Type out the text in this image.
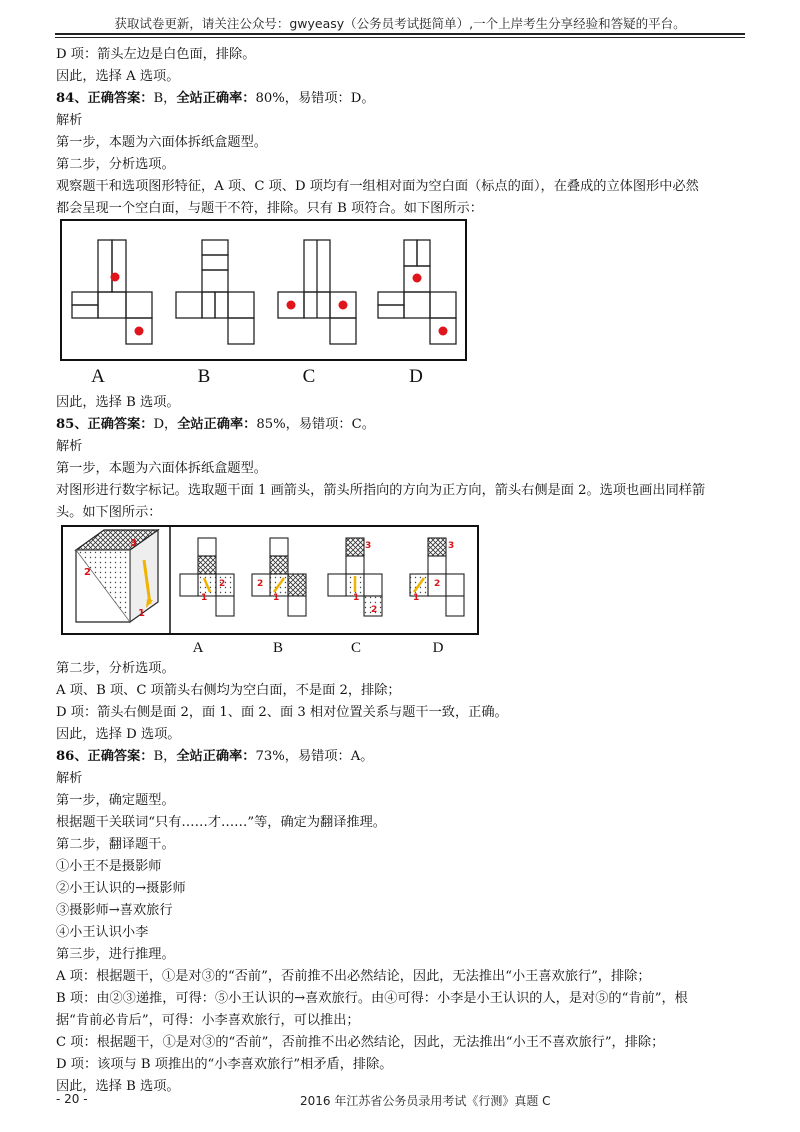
获取试卷更新，请关注公众号：gwyeasy（公务员考试挺简单）,一个上岸考生分享经验和答疑的平台。
D 项：箭头左边是白色面，排除。
因此，选择 A 选项。
84、正确答案：B，全站正确率：80%，易错项：D。
解析
第一步，本题为六面体拆纸盒题型。
第二步，分析选项。
观察题干和选项图形特征，A 项、C 项、D 项均有一组相对面为空白面（标点的面），在叠成的立体图形中必然
都会呈现一个空白面，与题干不符，排除。只有 B 项符合。如下图所示：
A	B	C	D
因此，选择 B 选项。
85、正确答案：D，全站正确率：85%，易错项：C。
解析
第一步，本题为六面体拆纸盒题型。
对图形进行数字标记。选取题干面 1 画箭头，箭头所指向的方向为正方向，箭头右侧是面 2。选项也画出同样箭
头。如下图所示：
2
3
1
1
2
1
2
1
3
2
1
3
2
A	B	C	D
第二步，分析选项。
A 项、B 项、C 项箭头右侧均为空白面，不是面 2，排除；
D 项：箭头右侧是面 2，面 1、面 2、面 3 相对位置关系与题干一致，正确。
因此，选择 D 选项。
86、正确答案：B，全站正确率：73%，易错项：A。
解析
第一步，确定题型。
根据题干关联词“只有……才……”等，确定为翻译推理。
第二步，翻译题干。
①小王不是摄影师
②小王认识的→摄影师
③摄影师→喜欢旅行
④小王认识小李
第三步，进行推理。
A 项：根据题干，①是对③的“否前”，否前推不出必然结论，因此，无法推出“小王喜欢旅行”，排除；
B 项：由②③递推，可得：⑤小王认识的→喜欢旅行。由④可得：小李是小王认识的人，是对⑤的“肯前”，根
据“肯前必肯后”，可得：小李喜欢旅行，可以推出；
C 项：根据题干，①是对③的“否前”，否前推不出必然结论，因此，无法推出“小王不喜欢旅行”，排除；
D 项：该项与 B 项推出的“小李喜欢旅行”相矛盾，排除。
因此，选择 B 选项。
- 20 -	2016 年江苏省公务员录用考试《行测》真题 C
